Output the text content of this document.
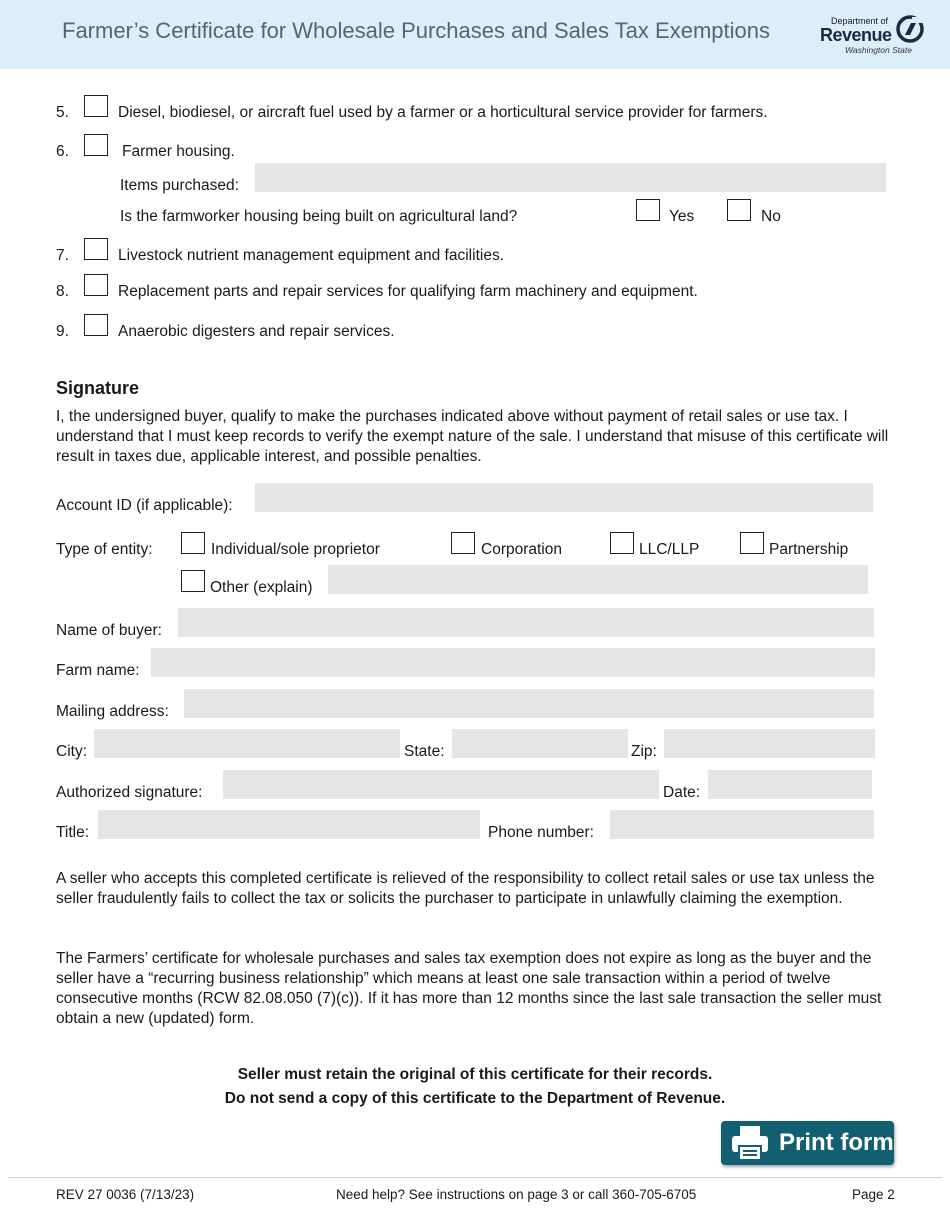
Farmer’s Certificate for Wholesale Purchases and Sales Tax Exemptions	Department of
Revenue
Washington State
5.	Diesel, biodiesel, or aircraft fuel used by a farmer or a horticultural service provider for farmers.
6.	Farmer housing.
Items purchased:
Is the farmworker housing being built on agricultural land?	Yes	No
7.	Livestock nutrient management equipment and facilities.
8.	Replacement parts and repair services for qualifying farm machinery and equipment.
9.	Anaerobic digesters and repair services.
Signature
I, the undersigned buyer, qualify to make the purchases indicated above without payment of retail sales or use tax. I understand that I must keep records to verify the exempt nature of the sale. I understand that misuse of this certificate will result in taxes due, applicable interest, and possible penalties.
Account ID (if applicable):
Type of entity:	Individual/sole proprietor	Corporation	LLC/LLP	Partnership
Other (explain)
Name of buyer:
Farm name:
Mailing address:
City:	State:	Zip:
Authorized signature:	Date:
Title:	Phone number:
A seller who accepts this completed certificate is relieved of the responsibility to collect retail sales or use tax unless the seller fraudulently fails to collect the tax or solicits the purchaser to participate in unlawfully claiming the exemption.
The Farmers’ certificate for wholesale purchases and sales tax exemption does not expire as long as the buyer and the seller have a “recurring business relationship” which means at least one sale transaction within a period of twelve consecutive months (RCW 82.08.050 (7)(c)). If it has more than 12 months since the last sale transaction the seller must obtain a new (updated) form.
Seller must retain the original of this certificate for their records.
Do not send a copy of this certificate to the Department of Revenue.
Print form
REV 27 0036 (7/13/23)	Need help? See instructions on page 3 or call 360-705-6705	Page 2
